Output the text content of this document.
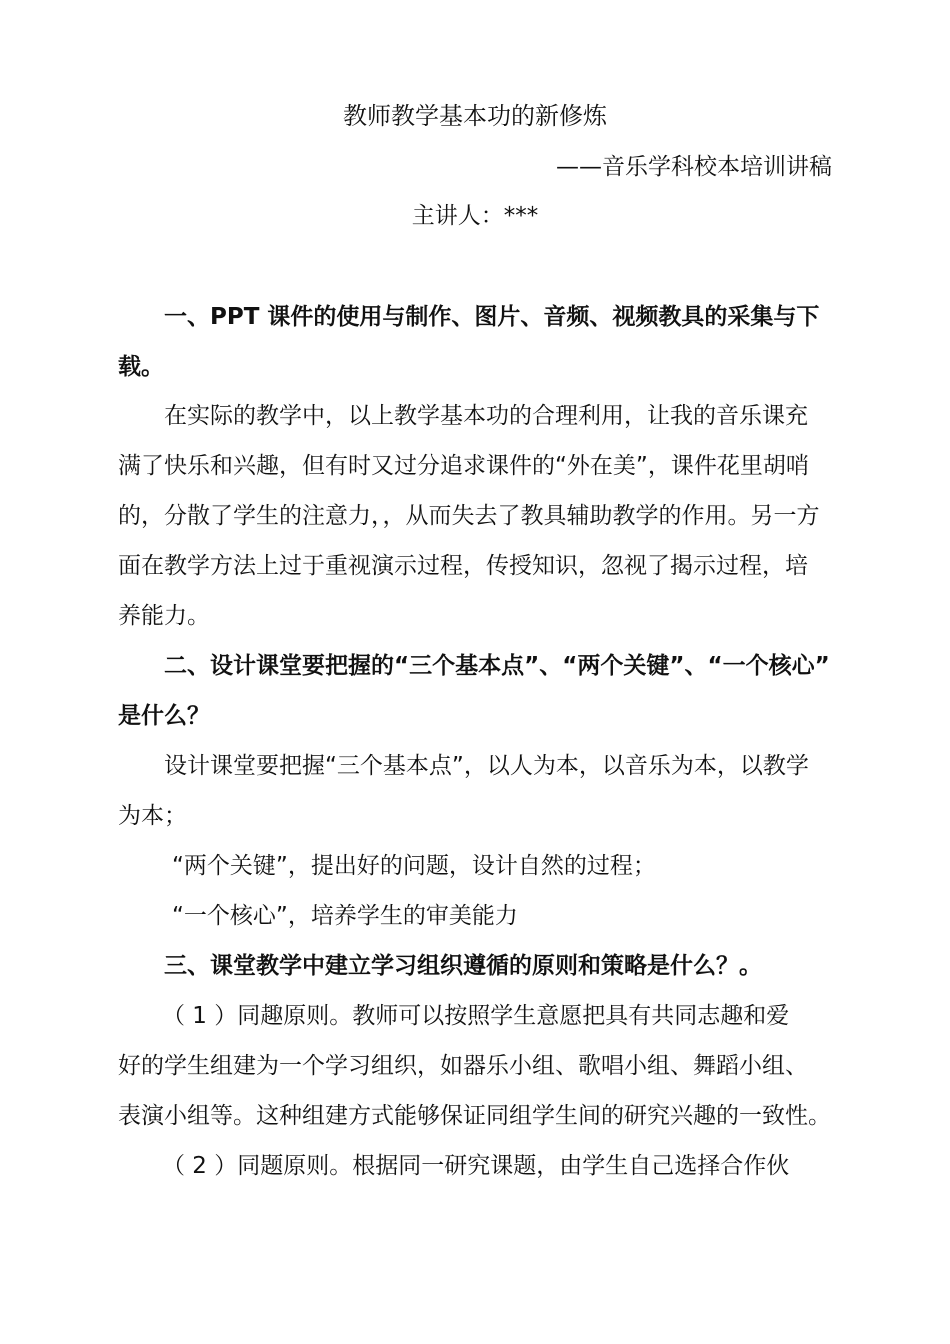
教师教学基本功的新修炼
——音乐学科校本培训讲稿
主讲人：***
一、PPT 课件的使用与制作、图片、音频、视频教具的采集与下
载。
在实际的教学中，以上教学基本功的合理利用，让我的音乐课充
满了快乐和兴趣，但有时又过分追求课件的“外在美”，课件花里胡哨
的，分散了学生的注意力，，从而失去了教具辅助教学的作用。另一方
面在教学方法上过于重视演示过程，传授知识，忽视了揭示过程，培
养能力。
二、设计课堂要把握的“三个基本点”、“两个关键”、“一个核心”
是什么？
设计课堂要把握“三个基本点”，以人为本，以音乐为本，以教学
为本；
“两个关键”，提出好的问题，设计自然的过程；
“一个核心”，培养学生的审美能力
三、课堂教学中建立学习组织遵循的原则和策略是什么？。
（ 1 ）同趣原则。教师可以按照学生意愿把具有共同志趣和爱
好的学生组建为一个学习组织，如器乐小组、歌唱小组、舞蹈小组、
表演小组等。这种组建方式能够保证同组学生间的研究兴趣的一致性。
（ 2 ）同题原则。根据同一研究课题，由学生自己选择合作伙
